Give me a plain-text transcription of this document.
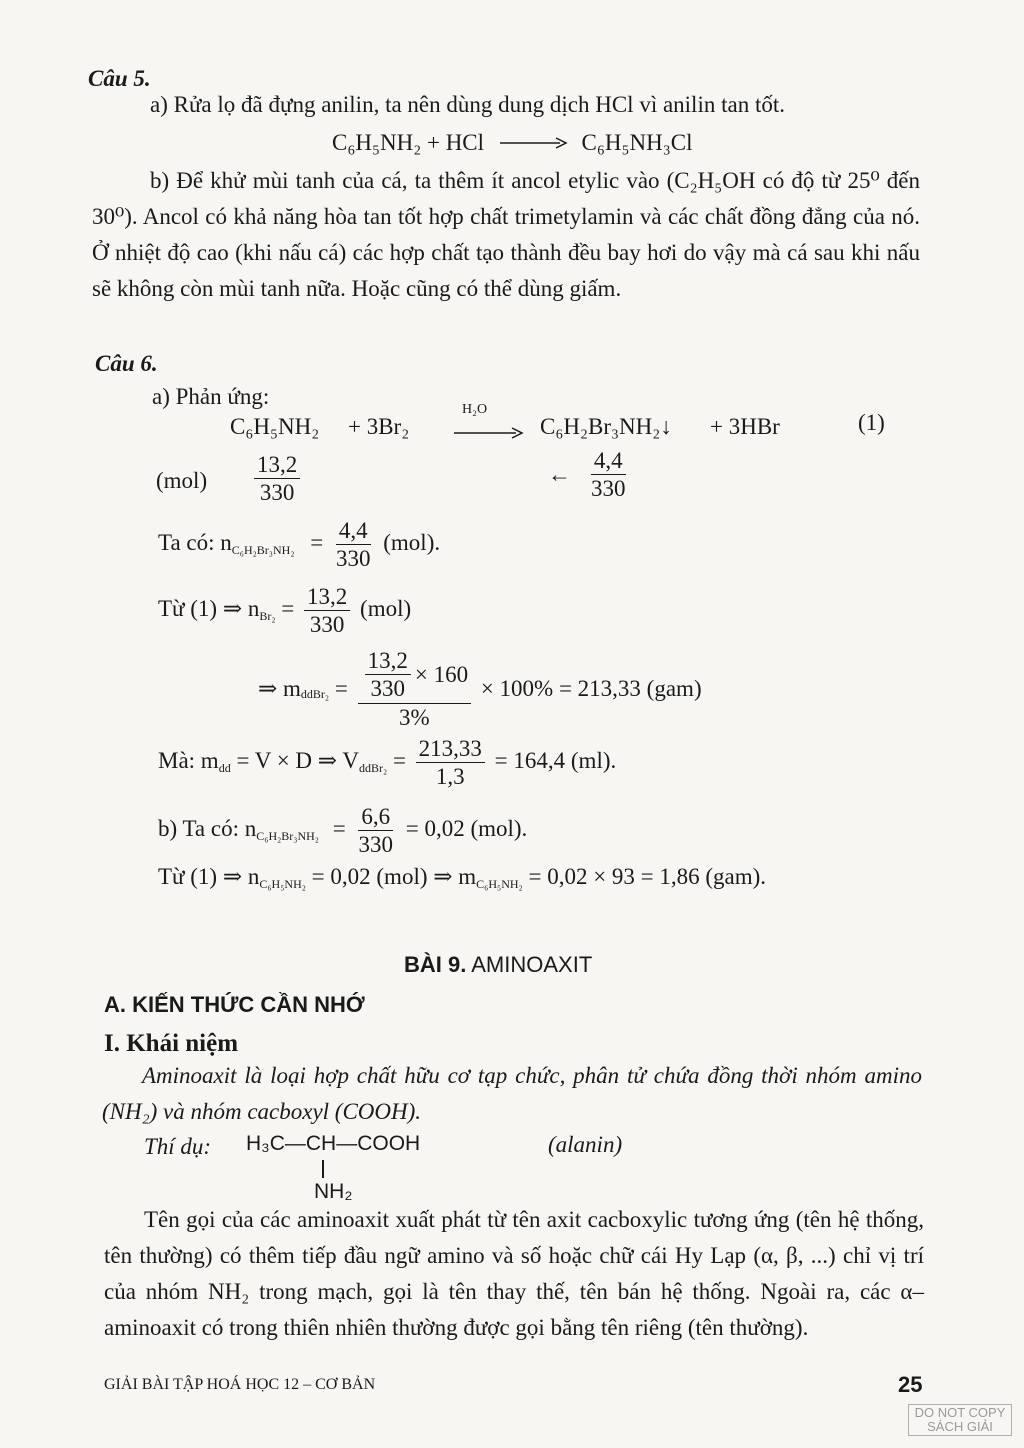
Câu 5.
a) Rửa lọ đã đựng anilin, ta nên dùng dung dịch HCl vì anilin tan tốt.
C₆H₅NH₂ + HCl	C₆H₅NH₃Cl
b) Để khử mùi tanh của cá, ta thêm ít ancol etylic vào (C₂H₅OH có độ từ 25⁰ đến 30⁰). Ancol có khả năng hòa tan tốt hợp chất trimetylamin và các chất đồng đẳng của nó. Ở nhiệt độ cao (khi nấu cá) các hợp chất tạo thành đều bay hơi do vậy mà cá sau khi nấu sẽ không còn mùi tanh nữa. Hoặc cũng có thể dùng giấm.
Câu 6.
a) Phản ứng:
C₆H₅NH₂ + 3Br₂
H₂O
C₆H₂Br₃NH₂↓ + 3HBr	(1)
$(mol) \frac{13,2}{330}$	← $\frac{4,4}{330}$
Ta có: $n_{C_6H_2Br_3NH_2} = \frac{4,4}{330} (mol)$.
Từ (1) ⇒ $n_{Br_2} = \frac{13,2}{330} (mol)$
⇒ $m_{ddBr_2} = \frac{\frac{13,2}{330} \times 160}{3\%} \times 100\% = 213,33$ (gam)
Mà: $m_{dd} = V \times D$ ⇒ $V_{ddBr_2} = \frac{213,33}{1,3} = 164,4$ (ml).
b) Ta có: $n_{C_6H_2Br_3NH_2} = \frac{6,6}{330} = 0,02$ (mol).
Từ (1) ⇒ $n_{C_6H_5NH_2} = 0,02$ (mol) ⇒ $m_{C_6H_5NH_2} = 0,02 \times 93 = 1,86$ (gam).
BÀI 9. AMINOAXIT
A. KIẾN THỨC CẦN NHỚ
I. Khái niệm
Aminoaxit là loại hợp chất hữu cơ tạp chức, phân tử chứa đồng thời nhóm amino (NH₂) và nhóm cacboxyl (COOH).
Thí dụ: H₃C—CH—COOH
NH₂
(alanin)
Tên gọi của các aminoaxit xuất phát từ tên axit cacboxylic tương ứng (tên hệ thống, tên thường) có thêm tiếp đầu ngữ amino và số hoặc chữ cái Hy Lạp (α, β, ...) chỉ vị trí của nhóm NH₂ trong mạch, gọi là tên thay thế, tên bán hệ thống. Ngoài ra, các α–aminoaxit có trong thiên nhiên thường được gọi bằng tên riêng (tên thường).
GIẢI BÀI TẬP HOÁ HỌC 12 – CƠ BẢN	25
DO NOT COPY
SÁCH GIẢI
